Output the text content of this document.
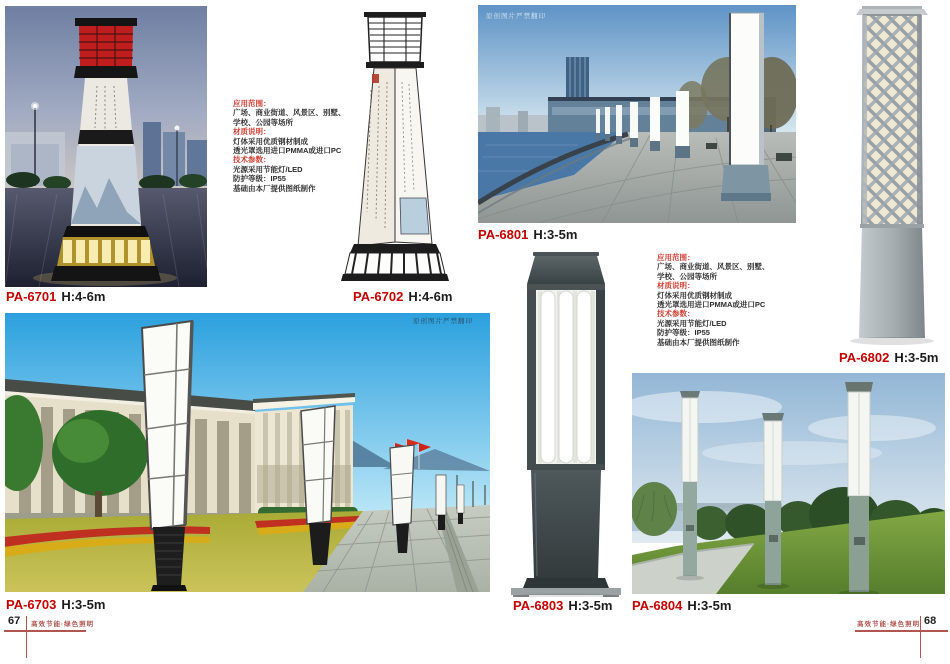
应用范围：
广场、商业街道、风景区、别墅、
学校、公园等场所
材质说明：
灯体采用优质钢材制成
透光罩选用进口PMMA或进口PC
技术参数：
光源采用节能灯/LED
防护等级：IP55
基础由本厂提供图纸制作
原创图片严禁翻印
应用范围：
广场、商业街道、风景区、别墅、
学校、公园等场所
材质说明：
灯体采用优质钢材制成
透光罩选用进口PMMA或进口PC
技术参数：
光源采用节能灯/LED
防护等级：IP55
基础由本厂提供图纸制作
原创图片严禁翻印
PA-6701 H:4-6m	PA-6702 H:4-6m
PA-6801 H:3-5m
PA-6802 H:3-5m
PA-6703 H:3-5m	PA-6803 H:3-5m PA-6804 H:3-5m
67 高效节能·绿色照明	高效节能·绿色照明 68
